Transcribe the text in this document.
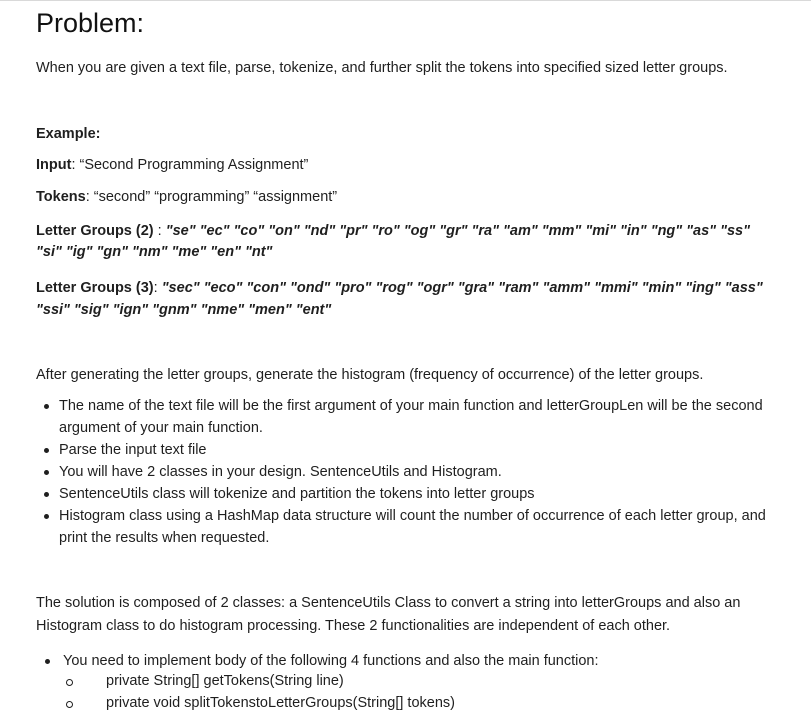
Problem:

When you are given a text file, parse, tokenize, and further split the tokens into specified sized letter groups.

Example:

Input: “Second Programming Assignment”

Tokens: “second” “programming” “assignment”

Letter Groups (2) : "se" "ec" "co" "on" "nd" "pr" "ro" "og" "gr" "ra" "am" "mm" "mi" "in" "ng" "as" "ss"

"si" "ig" "gn" "nm" "me" "en" "nt"

Letter Groups (3): "sec" "eco" "con" "ond" "pro" "rog" "ogr" "gra" "ram" "amm" "mmi" "min" "ing" "ass"

"ssi" "sig" "ign" "gnm" "nme" "men" "ent"

After generating the letter groups, generate the histogram (frequency of occurrence) of the letter groups.

The name of the text file will be the first argument of your main function and letterGroupLen will be the second argument of your main function.
Parse the input text file
You will have 2 classes in your design. SentenceUtils and Histogram.
SentenceUtils class will tokenize and partition the tokens into letter groups
Histogram class using a HashMap data structure will count the number of occurrence of each letter group, and print the results when requested.

The solution is composed of 2 classes: a SentenceUtils Class to convert a string into letterGroups and also an Histogram class to do histogram processing. These 2 functionalities are independent of each other.

You need to implement body of the following 4 functions and also the main function:

private String[] getTokens(String line)

private void splitTokenstoLetterGroups(String[] tokens)
